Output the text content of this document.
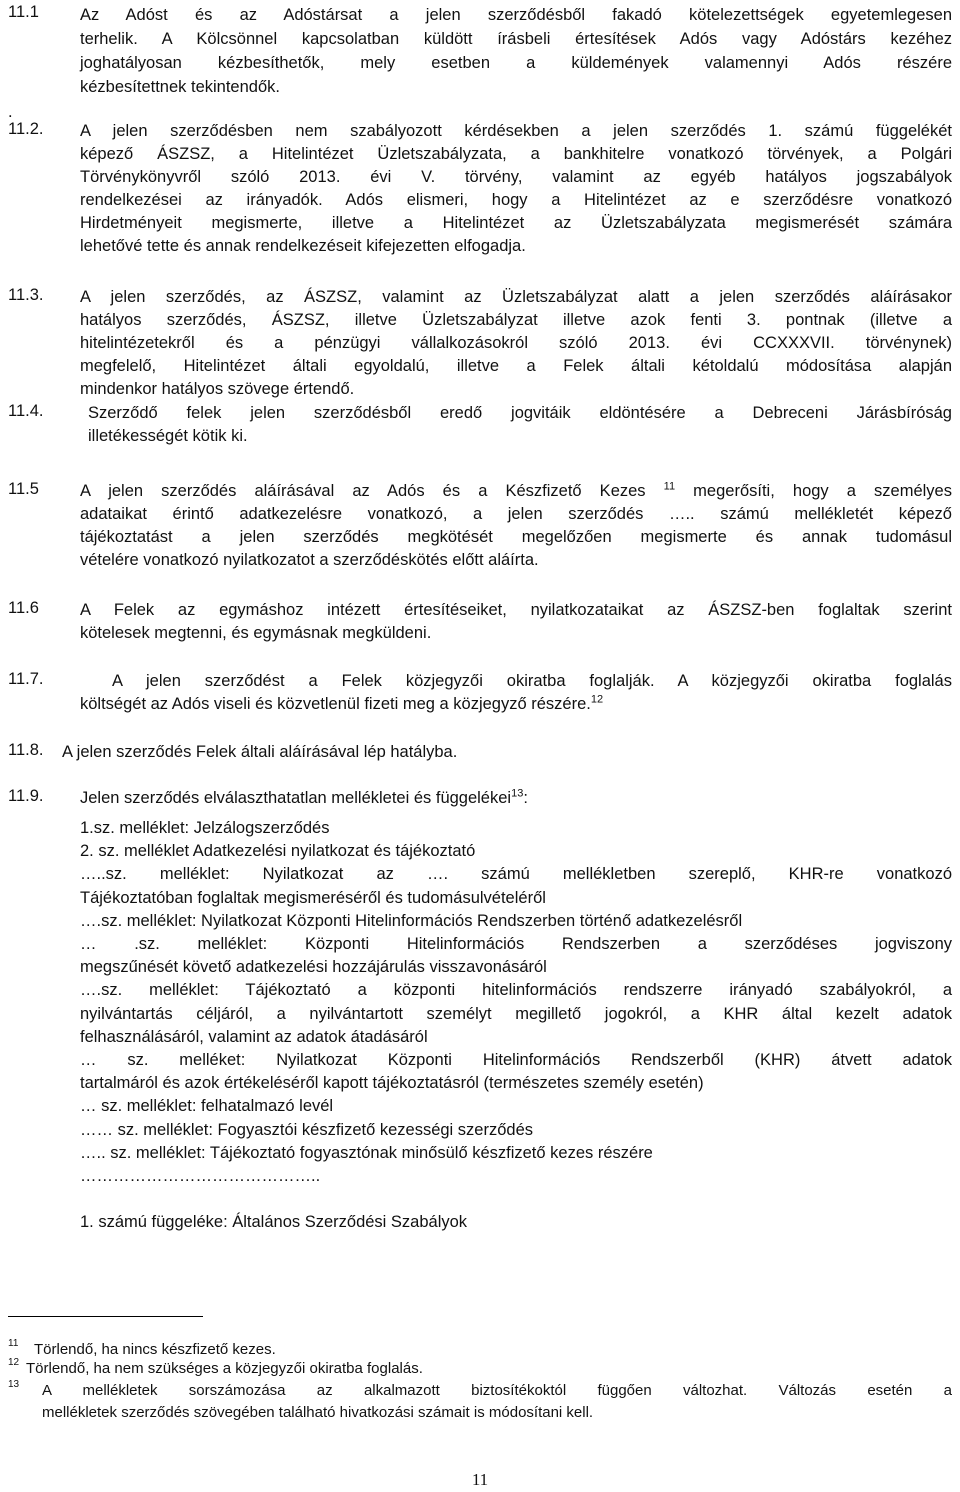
11.1 Az Adóst és az Adóstársat a jelen szerződésből fakadó kötelezettségek egyetemlegesen
terhelik. A Kölcsönnel kapcsolatban küldött írásbeli értesítések Adós vagy Adóstárs kezéhez
joghatályosan kézbesíthetők, mely esetben a küldemények valamennyi Adós részére
kézbesítettnek tekintendők.
.
11.2. A jelen szerződésben nem szabályozott kérdésekben a jelen szerződés 1. számú függelékét
képező ÁSZSZ, a Hitelintézet Üzletszabályzata, a bankhitelre vonatkozó törvények, a Polgári
Törvénykönyvről szóló 2013. évi V. törvény, valamint az egyéb hatályos jogszabályok
rendelkezései az irányadók. Adós elismeri, hogy a Hitelintézet az e szerződésre vonatkozó
Hirdetményeit megismerte, illetve a Hitelintézet az Üzletszabályzata megismerését számára
lehetővé tette és annak rendelkezéseit kifejezetten elfogadja.
11.3. A jelen szerződés, az ÁSZSZ, valamint az Üzletszabályzat alatt a jelen szerződés aláírásakor
hatályos szerződés, ÁSZSZ, illetve Üzletszabályzat illetve azok fenti 3. pontnak (illetve a
hitelintézetekről és a pénzügyi vállalkozásokról szóló 2013. évi CCXXXVII. törvénynek)
megfelelő, Hitelintézet általi egyoldalú, illetve a Felek általi kétoldalú módosítása alapján
mindenkor hatályos szövege értendő.
11.4.	Szerződő felek jelen szerződésből eredő jogvitáik eldöntésére a Debreceni Járásbíróság
illetékességét kötik ki.
11.5 A jelen szerződés aláírásával az Adós és a Készfizető Kezes $^{11}$ megerősíti, hogy a személyes
adataikat érintő adatkezelésre vonatkozó, a jelen szerződés ….. számú mellékletét képező
tájékoztatást a jelen szerződés megkötését megelőzően megismerte és annak tudomásul
vételére vonatkozó nyilatkozatot a szerződéskötés előtt aláírta.
11.6 A Felek az egymáshoz intézett értesítéseiket, nyilatkozataikat az ÁSZSZ-ben foglaltak szerint
kötelesek megtenni, és egymásnak megküldeni.
11.7.	A jelen szerződést a Felek közjegyzői okiratba foglalják. A közjegyzői okiratba foglalás
költségét az Adós viseli és közvetlenül fizeti meg a közjegyző részére.$^{12}$
11.8. A jelen szerződés Felek általi aláírásával lép hatályba.
11.9. Jelen szerződés elválaszthatatlan mellékletei és függelékei$^{13}$:
1.sz. melléklet: Jelzálogszerződés
2. sz. melléklet Adatkezelési nyilatkozat és tájékoztató
…..sz. melléklet: Nyilatkozat az …. számú mellékletben szereplő, KHR-re vonatkozó
Tájékoztatóban foglaltak megismeréséről és tudomásulvételéről
….sz. melléklet: Nyilatkozat Központi Hitelinformációs Rendszerben történő adatkezelésről
… .sz. melléklet: Központi Hitelinformációs Rendszerben a szerződéses jogviszony
megszűnését követő adatkezelési hozzájárulás visszavonásáról
….sz. melléklet: Tájékoztató a központi hitelinformációs rendszerre irányadó szabályokról, a
nyilvántartás céljáról, a nyilvántartott személyt megillető jogokról, a KHR által kezelt adatok
felhasználásáról, valamint az adatok átadásáról
… sz. melléket: Nyilatkozat Központi Hitelinformációs Rendszerből (KHR) átvett adatok
tartalmáról és azok értékeléséről kapott tájékoztatásról (természetes személy esetén)
… sz. melléklet: felhatalmazó levél
…… sz. melléklet: Fogyasztói készfizető kezességi szerződés
….. sz. melléklet: Tájékoztató fogyasztónak minősülő készfizető kezes részére
……………………………………..
1. számú függeléke: Általános Szerződési Szabályok
11 Törlendő, ha nincs készfizető kezes.
12 Törlendő, ha nem szükséges a közjegyzői okiratba foglalás.
13	A mellékletek sorszámozása az alkalmazott biztosítékoktól függően változhat. Változás esetén a
mellékletek szerződés szövegében található hivatkozási számait is módosítani kell.
11
